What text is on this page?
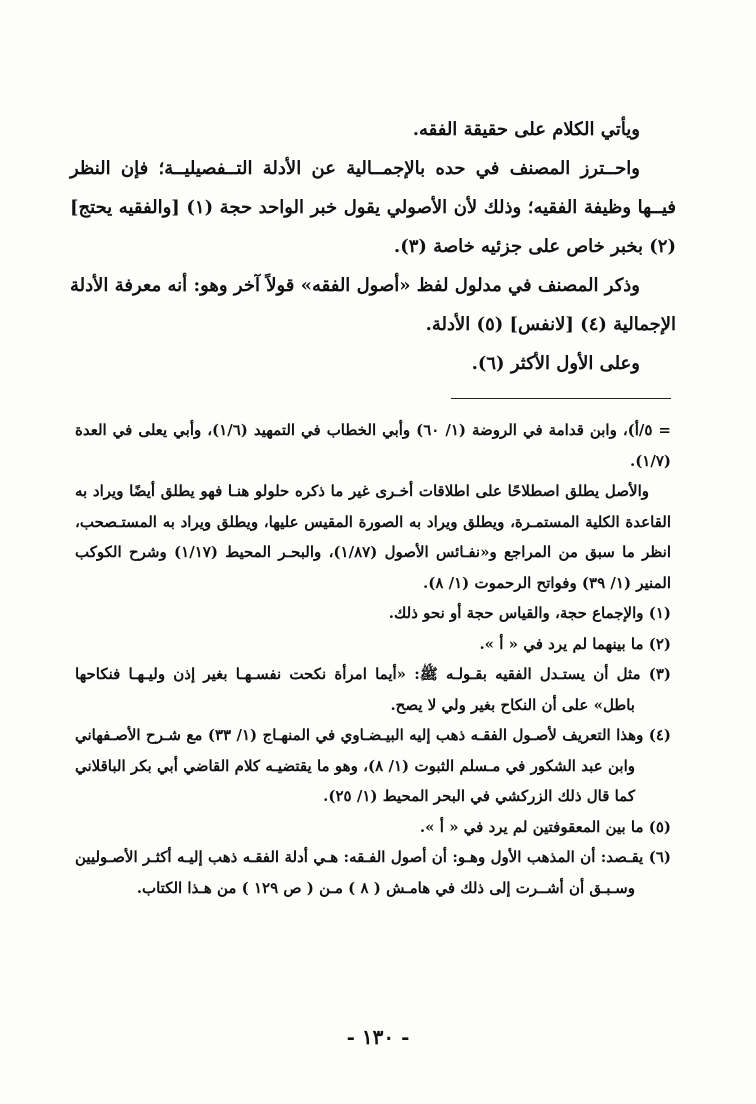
ويأتي الكلام على حقيقة الفقه.

واحــترز المصنف في حده بالإجمــالية عن الأدلة التــفصيليــة؛ فإن النظر فيــها وظيفة الفقيه؛ وذلك لأن الأصولي يقول خبر الواحد حجة (١) [والفقيه يحتج] (٢) بخبر خاص على جزئيه خاصة (٣).

وذكر المصنف في مدلول لفظ «أصول الفقه» قولاً آخر وهو: أنه معرفة الأدلة الإجمالية (٤) [لانفس] (٥) الأدلة.

وعلى الأول الأكثر (٦).

= ٥/أ)، وابن قدامة في الروضة (١/ ٦٠) وأبي الخطاب في التمهيد (١/٦)، وأبي يعلى في العدة (١/٧).

والأصل يطلق اصطلاحًا على اطلاقات أخـرى غير ما ذكره حلولو هنـا فهو يطلق أيضًا ويراد به القاعدة الكلية المستمـرة، ويطلق ويراد به الصورة المقيس عليها، ويطلق ويراد به المستـصحب، انظر ما سبق من المراجع و«نفـائس الأصول (١/٨٧)، والبحـر المحيط (١/١٧) وشرح الكوكب المنير (١/ ٣٩) وفواتح الرحموت (١/ ٨).

(١) والإجماع حجة، والقياس حجة أو نحو ذلك.

(٢) ما بينهما لم يرد في « أ ».

(٣) مثل أن يستـدل الفقيه بقـولـه ﷺ: «أيما امرأة نكحت نفسـهـا بغير إذن وليـهـا فنكاحها باطل» على أن النكاح بغير ولي لا يصح.

(٤) وهذا التعريف لأصـول الفقـه ذهب إليه البيـضـاوي في المنهـاج (١/ ٣٣) مع شـرح الأصـفهاني وابن عبد الشكور في مـسلم الثبوت (١/ ٨)، وهو ما يقتضيـه كلام القاضي أبي بكر الباقلاني كما قال ذلك الزركشي في البحر المحيط (١/ ٢٥).

(٥) ما بين المعقوفتين لم يرد في « أ ».

(٦) يقـصد: أن المذهب الأول وهـو: أن أصول الفـقه: هـي أدلة الفقـه ذهب إليـه أكثـر الأصـوليين وسـبـق أن أشــرت إلى ذلك في هامـش ( ٨ ) مـن ( ص ١٢٩ ) من هـذا الكتاب.

- ١٣٠ -
